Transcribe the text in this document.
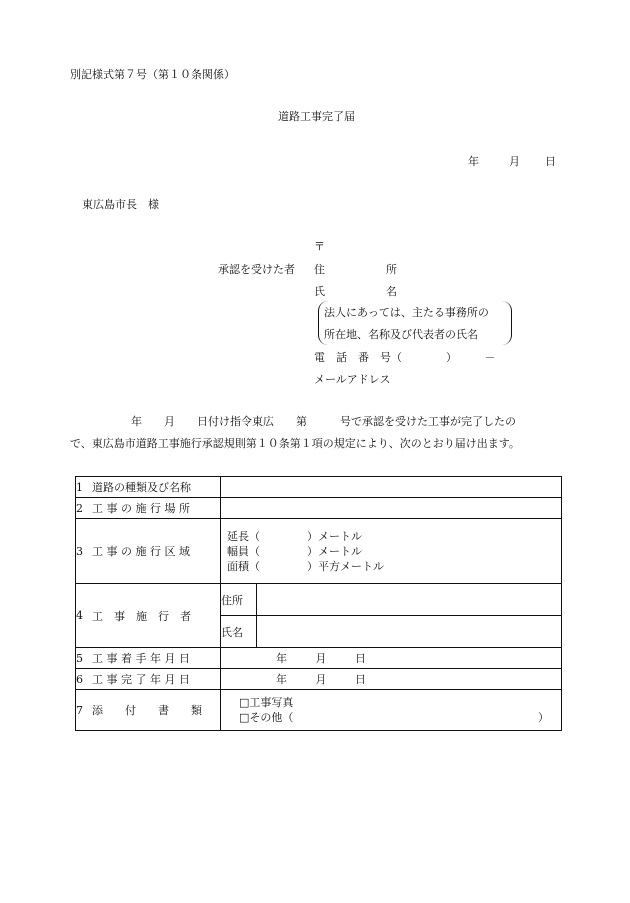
別記様式第７号（第１０条関係）
道路工事完了届
年	月 日
東広島市長　様
〒
承認を受けた者 住	所
氏	名
法人にあっては、主たる事務所の
所在地、名称及び代表者の氏名
電　話　番　号（　　　　）　　　－
メールアドレス
年　　月　　日付け指令東広　　第　　　号で承認を受けた工事が完了したの
で、東広島市道路工事施行承認規則第１０条第１項の規定により、次のとおり届け出ます。
1 道路の種類及び名称		

2 工 事 の 施 行 場 所		

3 工 事 の 施 行 区 域	延長（ ）メートル
幅員（ ）メートル
面積（ ）平方メートル	

4 工　事　施　行　者	住所	
	氏名	

5 工 事 着 手 年 月 日	年 月 日	

6 工 事 完 了 年 月 日	年 月 日	

7 添　　付　　書　　類	□工事写真
□その他（ ）	
